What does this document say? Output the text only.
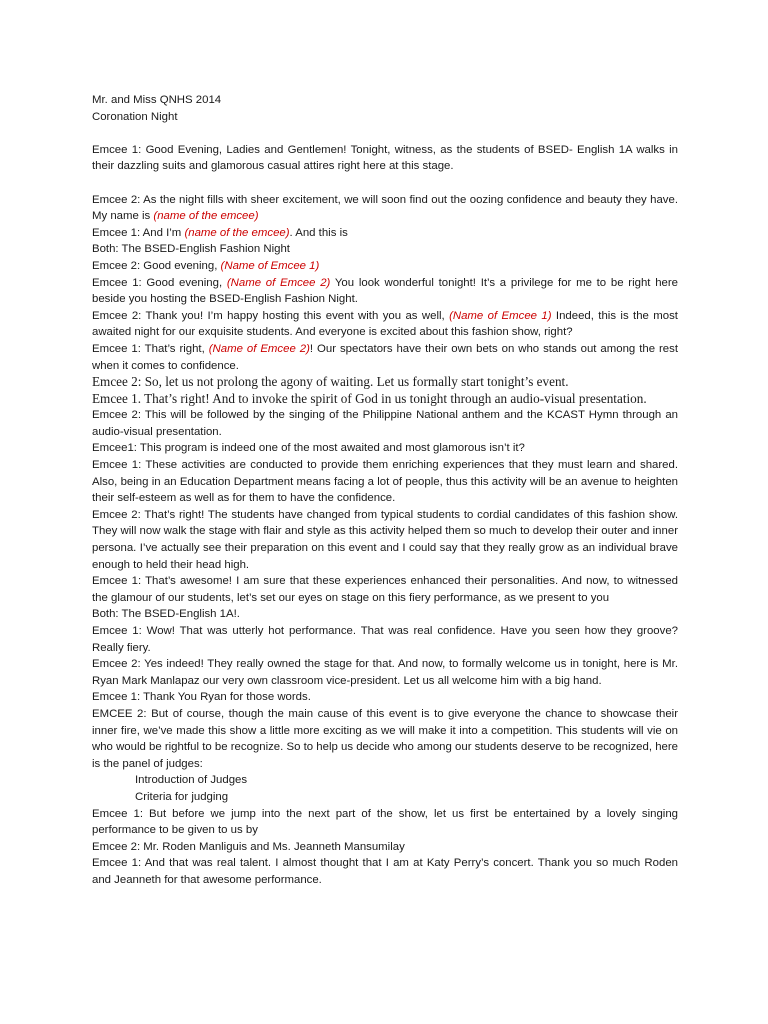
Mr. and Miss QNHS 2014

Coronation Night

Emcee 1: Good Evening, Ladies and Gentlemen! Tonight, witness, as the students of BSED- English 1A walks in their dazzling suits and glamorous casual attires right here at this stage.

Emcee 2: As the night fills with sheer excitement, we will soon find out the oozing confidence and beauty they have. My name is (name of the emcee)

Emcee 1: And I’m (name of the emcee). And this is

Both: The BSED-English Fashion Night

Emcee 2: Good evening, (Name of Emcee 1)

Emcee 1: Good evening, (Name of Emcee 2) You look wonderful tonight! It’s a privilege for me to be right here beside you hosting the BSED-English Fashion Night.

Emcee 2: Thank you! I’m happy hosting this event with you as well, (Name of Emcee 1) Indeed, this is the most awaited night for our exquisite students. And everyone is excited about this fashion show, right?

Emcee 1: That’s right, (Name of Emcee 2)! Our spectators have their own bets on who stands out among the rest when it comes to confidence.

Emcee 2: So, let us not prolong the agony of waiting. Let us formally start tonight’s event.

Emcee 1. That’s right! And to invoke the spirit of God in us tonight through an audio-visual presentation.

Emcee 2: This will be followed by the singing of the Philippine National anthem and the KCAST Hymn through an audio-visual presentation.

Emcee1: This program is indeed one of the most awaited and most glamorous isn’t it?

Emcee 1: These activities are conducted to provide them enriching experiences that they must learn and shared. Also, being in an Education Department means facing a lot of people, thus this activity will be an avenue to heighten their self-esteem as well as for them to have the confidence.

Emcee 2: That’s right! The students have changed from typical students to cordial candidates of this fashion show. They will now walk the stage with flair and style as this activity helped them so much to develop their outer and inner persona. I’ve actually see their preparation on this event and I could say that they really grow as an individual brave enough to held their head high.

Emcee 1: That’s awesome! I am sure that these experiences enhanced their personalities. And now, to witnessed the glamour of our students, let’s set our eyes on stage on this fiery performance, as we present to you

Both: The BSED-English 1A!.

Emcee 1: Wow! That was utterly hot performance. That was real confidence. Have you seen how they groove? Really fiery.

Emcee 2: Yes indeed! They really owned the stage for that. And now, to formally welcome us in tonight, here is Mr. Ryan Mark Manlapaz our very own classroom vice-president. Let us all welcome him with a big hand.

Emcee 1: Thank You Ryan for those words.

EMCEE 2: But of course, though the main cause of this event is to give everyone the chance to showcase their inner fire, we’ve made this show a little more exciting as we will make it into a competition. This students will vie on who would be rightful to be recognize. So to help us decide who among our students deserve to be recognized, here is the panel of judges:

Introduction of Judges

Criteria for judging

Emcee 1: But before we jump into the next part of the show, let us first be entertained by a lovely singing performance to be given to us by

Emcee 2: Mr. Roden Manliguis and Ms. Jeanneth Mansumilay

Emcee 1: And that was real talent. I almost thought that I am at Katy Perry’s concert. Thank you so much Roden and Jeanneth for that awesome performance.
